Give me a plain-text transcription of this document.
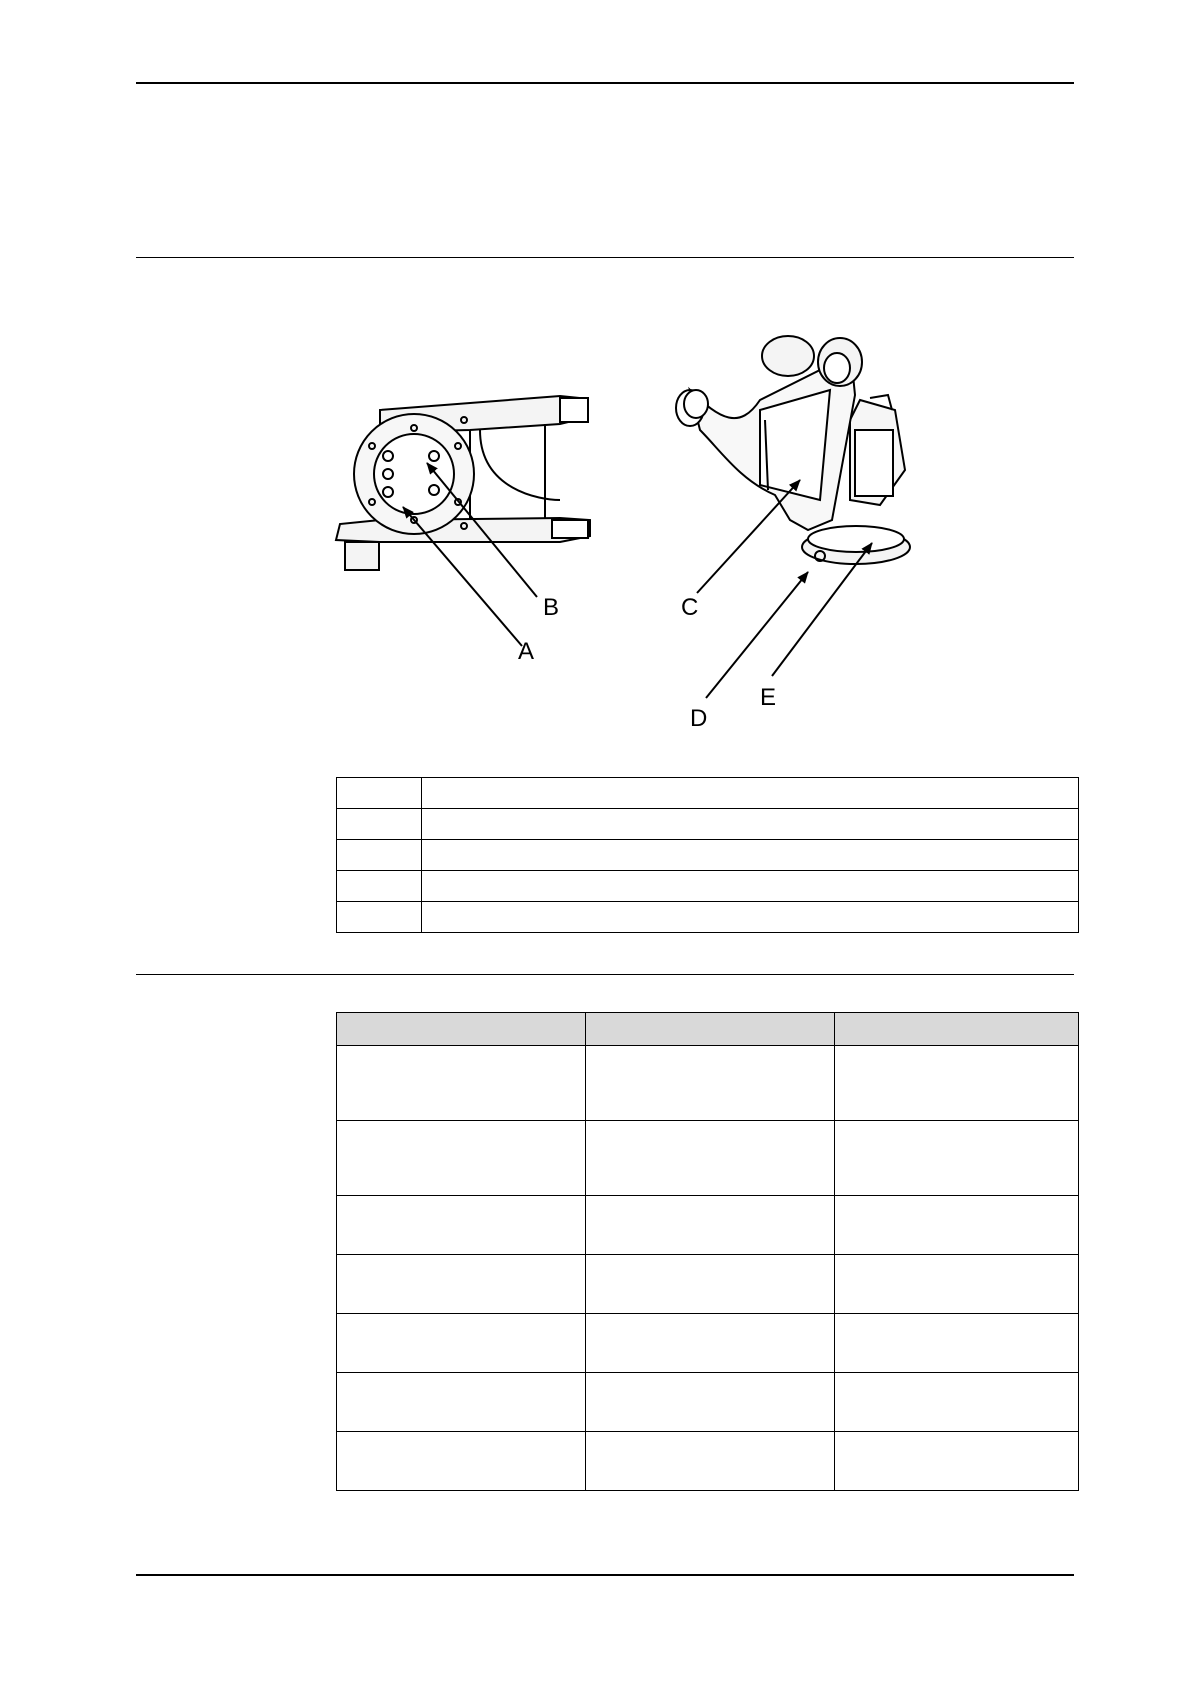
A
B	C
D
E
